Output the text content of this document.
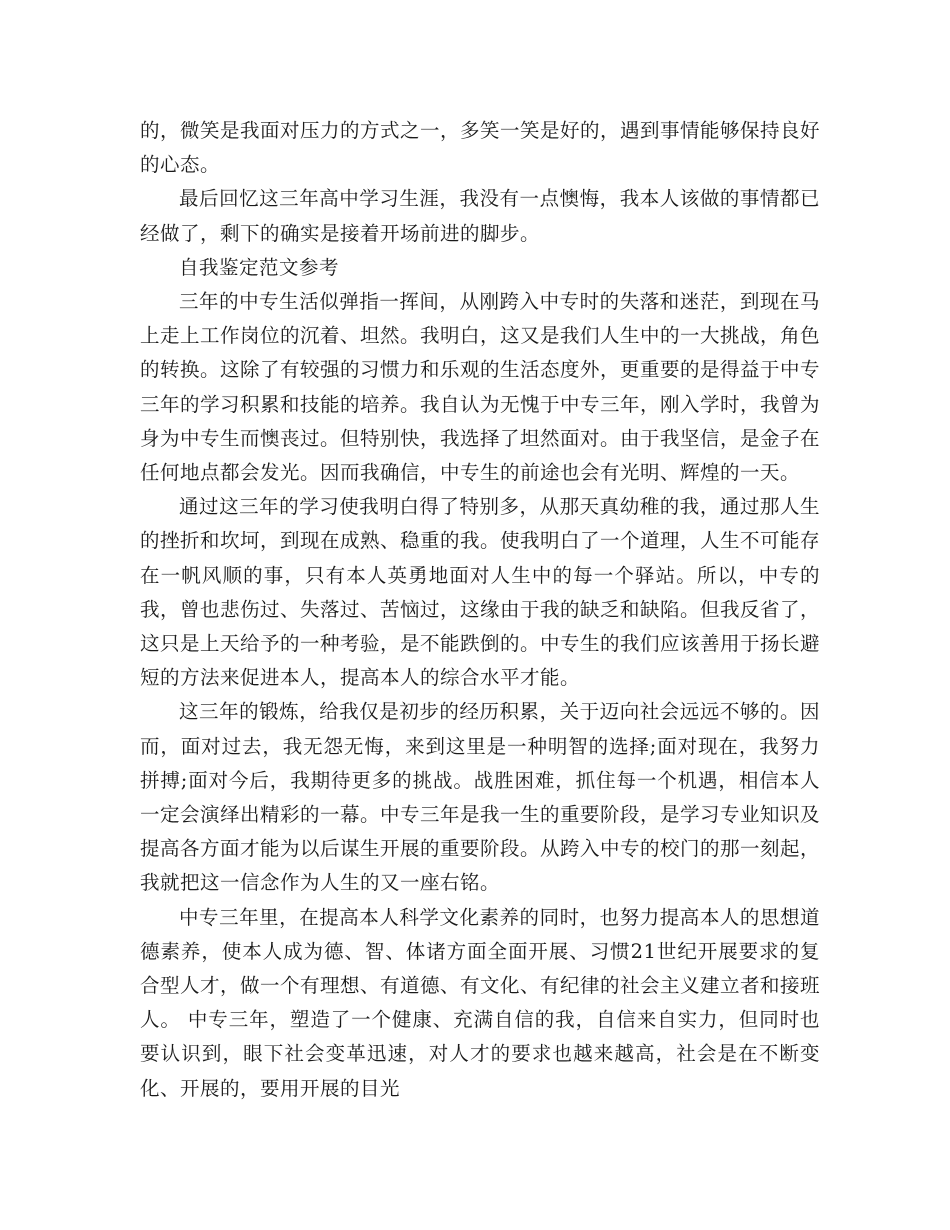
的，微笑是我面对压力的方式之一，多笑一笑是好的，遇到事情能够保持良好的心态。

最后回忆这三年高中学习生涯，我没有一点懊悔，我本人该做的事情都已经做了，剩下的确实是接着开场前进的脚步。

自我鉴定范文参考

三年的中专生活似弹指一挥间，从刚跨入中专时的失落和迷茫，到现在马上走上工作岗位的沉着、坦然。我明白，这又是我们人生中的一大挑战，角色的转换。这除了有较强的习惯力和乐观的生活态度外，更重要的是得益于中专三年的学习积累和技能的培养。我自认为无愧于中专三年，刚入学时，我曾为身为中专生而懊丧过。但特别快，我选择了坦然面对。由于我坚信，是金子在任何地点都会发光。因而我确信，中专生的前途也会有光明、辉煌的一天。

通过这三年的学习使我明白得了特别多，从那天真幼稚的我，通过那人生的挫折和坎坷，到现在成熟、稳重的我。使我明白了一个道理，人生不可能存在一帆风顺的事，只有本人英勇地面对人生中的每一个驿站。所以，中专的我，曾也悲伤过、失落过、苦恼过，这缘由于我的缺乏和缺陷。但我反省了，这只是上天给予的一种考验，是不能跌倒的。中专生的我们应该善用于扬长避短的方法来促进本人，提高本人的综合水平才能。

这三年的锻炼，给我仅是初步的经历积累，关于迈向社会远远不够的。因而，面对过去，我无怨无悔，来到这里是一种明智的选择;面对现在，我努力拼搏;面对今后，我期待更多的挑战。战胜困难，抓住每一个机遇，相信本人一定会演绎出精彩的一幕。中专三年是我一生的重要阶段，是学习专业知识及提高各方面才能为以后谋生开展的重要阶段。从跨入中专的校门的那一刻起，我就把这一信念作为人生的又一座右铭。

中专三年里，在提高本人科学文化素养的同时，也努力提高本人的思想道德素养，使本人成为德、智、体诸方面全面开展、习惯21世纪开展要求的复合型人才，做一个有理想、有道德、有文化、有纪律的社会主义建立者和接班人。 中专三年，塑造了一个健康、充满自信的我，自信来自实力，但同时也要认识到，眼下社会变革迅速，对人才的要求也越来越高，社会是在不断变化、开展的，要用开展的目光
